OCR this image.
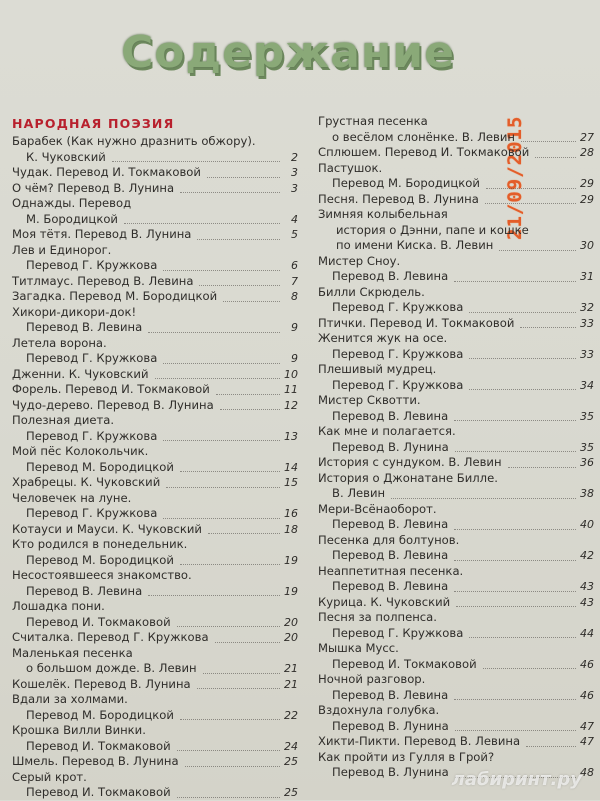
Содержание
21/09/2015
НАРОДНАЯ ПОЭЗИЯ
Барабек (Как нужно дразнить обжору).
К. Чуковский	2
Чудак. Перевод И. Токмаковой	3
О чём? Перевод В. Лунина	3
Однажды. Перевод
М. Бородицкой	4
Моя тётя. Перевод В. Лунина	5
Лев и Единорог.
Перевод Г. Кружкова	6
Титлмаус. Перевод В. Левина	7
Загадка. Перевод М. Бородицкой	8
Хикори-дикори-док!
Перевод В. Левина	9
Летела ворона.
Перевод Г. Кружкова	9
Дженни. К. Чуковский	10
Форель. Перевод И. Токмаковой	11
Чудо-дерево. Перевод В. Лунина	12
Полезная диета.
Перевод Г. Кружкова	13
Мой пёс Колокольчик.
Перевод М. Бородицкой	14
Храбрецы. К. Чуковский	15
Человечек на луне.
Перевод Г. Кружкова	16
Котауси и Мауси. К. Чуковский	18
Кто родился в понедельник.
Перевод М. Бородицкой	19
Несостоявшееся знакомство.
Перевод В. Левина	19
Лошадка пони.
Перевод И. Токмаковой	20
Считалка. Перевод Г. Кружкова	20
Маленькая песенка
о большом дожде. В. Левин	21
Кошелёк. Перевод В. Лунина	21
Вдали за холмами.
Перевод М. Бородицкой	22
Крошка Вилли Винки.
Перевод И. Токмаковой	24
Шмель. Перевод В. Лунина	25
Серый крот.
Перевод И. Токмаковой	25
Грустная песенка
о весёлом слонёнке. В. Левин	27
Сплюшем. Перевод И. Токмаковой	28
Пастушок.
Перевод М. Бородицкой	29
Песня. Перевод В. Лунина	29
Зимняя колыбельная
история о Дэнни, папе и кошке
по имени Киска. В. Левин	30
Мистер Сноу.
Перевод В. Левина	31
Билли Скрюдель.
Перевод Г. Кружкова	32
Птички. Перевод И. Токмаковой	33
Женится жук на осе.
Перевод Г. Кружкова	33
Плешивый мудрец.
Перевод Г. Кружкова	34
Мистер Сквотти.
Перевод В. Левина	35
Как мне и полагается.
Перевод В. Лунина	35
История с сундуком. В. Левин	36
История о Джонатане Билле.
В. Левин	38
Мери-Всёнаоборот.
Перевод В. Левина	40
Песенка для болтунов.
Перевод В. Левина	42
Неаппетитная песенка.
Перевод В. Левина	43
Курица. К. Чуковский	43
Песня за полпенса.
Перевод Г. Кружкова	44
Мышка Мусс.
Перевод И. Токмаковой	46
Ночной разговор.
Перевод В. Левина	46
Вздохнула голубка.
Перевод В. Лунина	47
Хикти-Пикти. Перевод В. Левина	47
Как пройти из Гулля в Грой?
Перевод В. Лунина	48
лабиринт.ру
